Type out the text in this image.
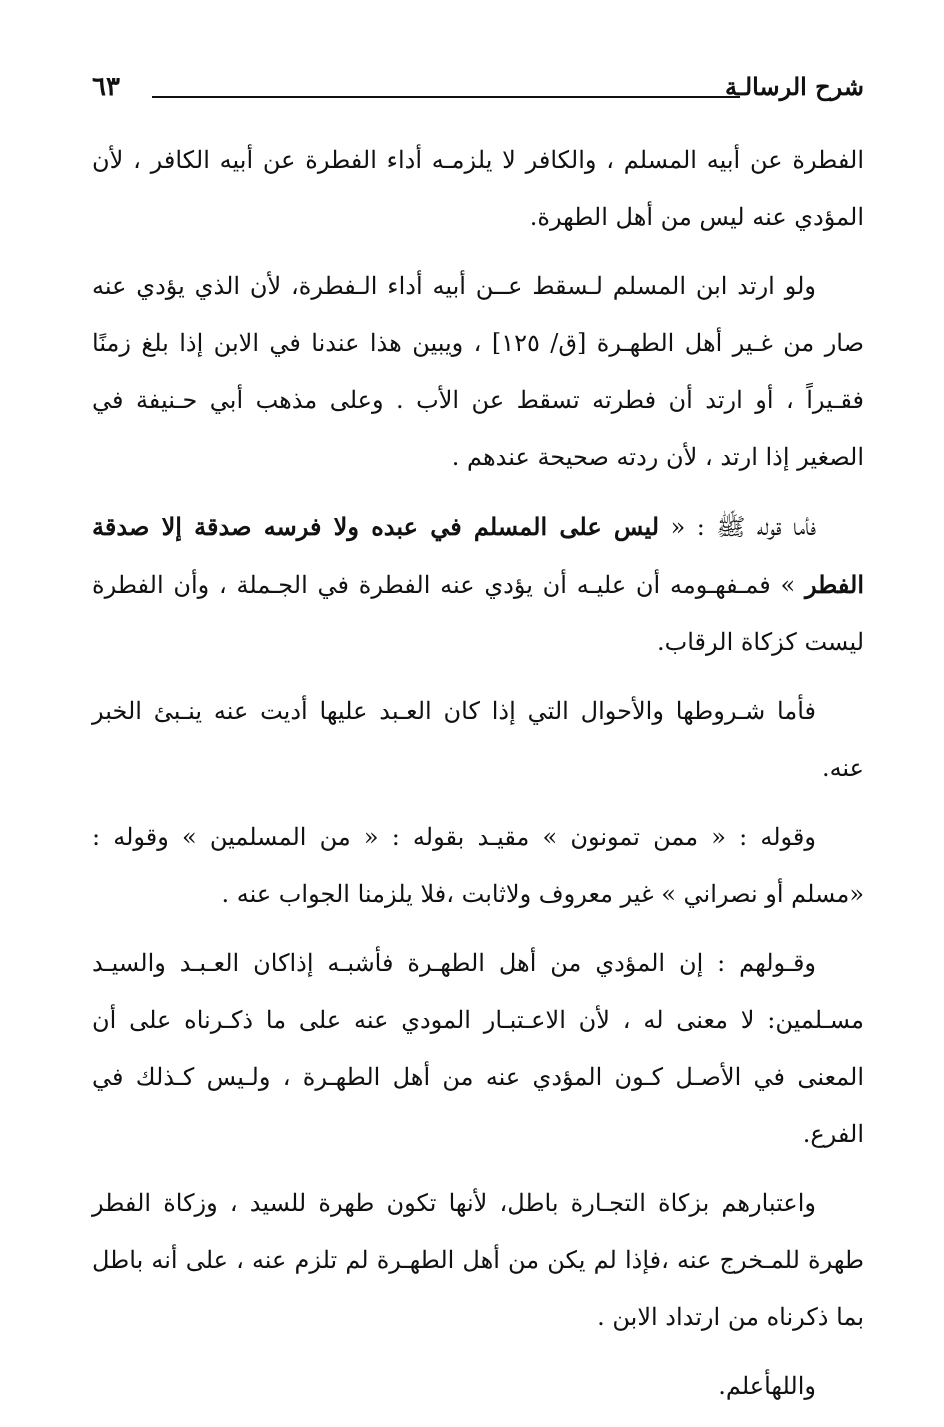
شرح الرسالـة
٦٣

الفطرة عن أبيه المسلم ، والكافر لا يلزمـه أداء الفطرة عن أبيه الكافر ، لأن المؤدي عنه ليس من أهل الطهرة.

ولو ارتد ابن المسلم لـسقط عــن أبيه أداء الـفطرة، لأن الذي يؤدي عنه صار من غـير أهل الطهـرة [ق/ ١٢٥] ، ويبين هذا عندنا في الابن إذا بلغ زمنًا فقـيراً ، أو ارتد أن فطرته تسقط عن الأب . وعلى مذهب أبي حـنيفة في الصغير إذا ارتد ، لأن ردته صحيحة عندهم .

فأما قوله ﷺ : « ليس على المسلم في عبده ولا فرسه صدقة إلا صدقة الفطر » فمـفهـومه أن عليـه أن يؤدي عنه الفطرة في الجـملة ، وأن الفطرة ليست كزكاة الرقاب.

فأما شـروطها والأحوال التي إذا كان العـبد عليها أديت عنه ينـبئ الخبر عنه.

وقوله : « ممن تمونون » مقيـد بقوله : « من المسلمين » وقوله : «مسلم أو نصراني » غير معروف ولاثابت ،فلا يلزمنا الجواب عنه .

وقـولهم : إن المؤدي من أهل الطهـرة فأشبـه إذاكان العـبـد والسيـد مسـلمين: لا معنى له ، لأن الاعـتبـار المودي عنه على ما ذكـرناه على أن المعنى في الأصـل كـون المؤدي عنه من أهل الطهـرة ، ولـيس كـذلك في الفرع.

واعتبارهم بزكاة التجـارة باطل، لأنها تكون طهرة للسيد ، وزكاة الفطر طهرة للمـخرج عنه ،فإذا لم يكن من أهل الطهـرة لم تلزم عنه ، على أنه باطل بما ذكرناه من ارتداد الابن .

واللهأعلم.
